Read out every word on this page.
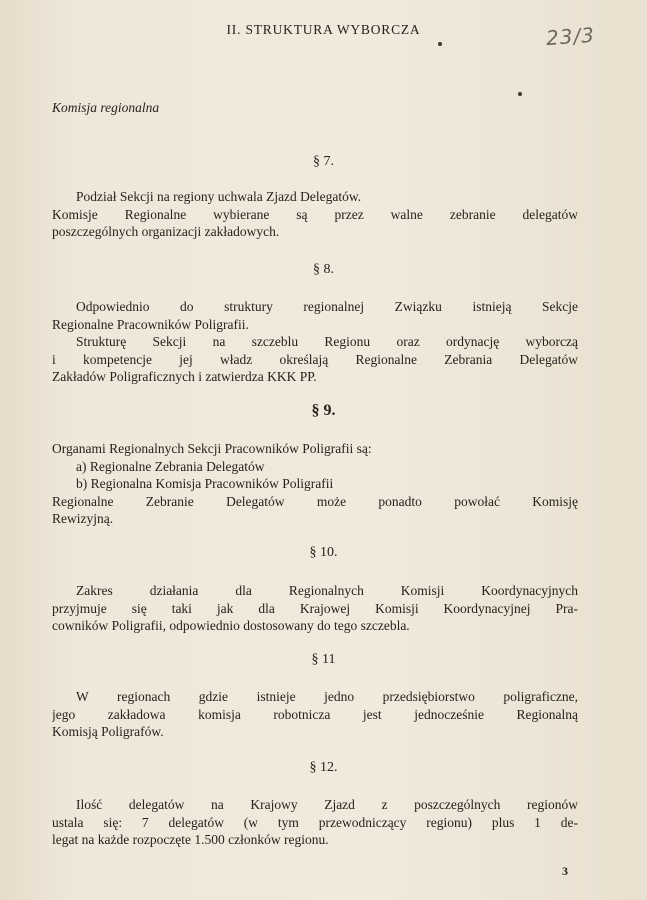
II. STRUKTURA WYBORCZA	23/3
Komisja regionalna
§ 7.
Podział Sekcji na regiony uchwala Zjazd Delegatów.
Komisje Regionalne wybierane są przez walne zebranie delegatów
poszczególnych organizacji zakładowych.
§ 8.
Odpowiednio do struktury regionalnej Związku istnieją Sekcje
Regionalne Pracowników Poligrafii.
Strukturę Sekcji na szczeblu Regionu oraz ordynację wyborczą
i kompetencje jej władz określają Regionalne Zebrania Delegatów
Zakładów Poligraficznych i zatwierdza KKK PP.
§ 9.
Organami Regionalnych Sekcji Pracowników Poligrafii są:
a) Regionalne Zebrania Delegatów
b) Regionalna Komisja Pracowników Poligrafii
Regionalne Zebranie Delegatów może ponadto powołać Komisję
Rewizyjną.
§ 10.
Zakres działania dla Regionalnych Komisji Koordynacyjnych
przyjmuje się taki jak dla Krajowej Komisji Koordynacyjnej Pra-
cowników Poligrafii, odpowiednio dostosowany do tego szczebla.
§ 11
W regionach gdzie istnieje jedno przedsiębiorstwo poligraficzne,
jego zakładowa komisja robotnicza jest jednocześnie Regionalną
Komisją Poligrafów.
§ 12.
Ilość delegatów na Krajowy Zjazd z poszczególnych regionów
ustala się: 7 delegatów (w tym przewodniczący regionu) plus 1 de-
legat na każde rozpoczęte 1.500 członków regionu.
3
